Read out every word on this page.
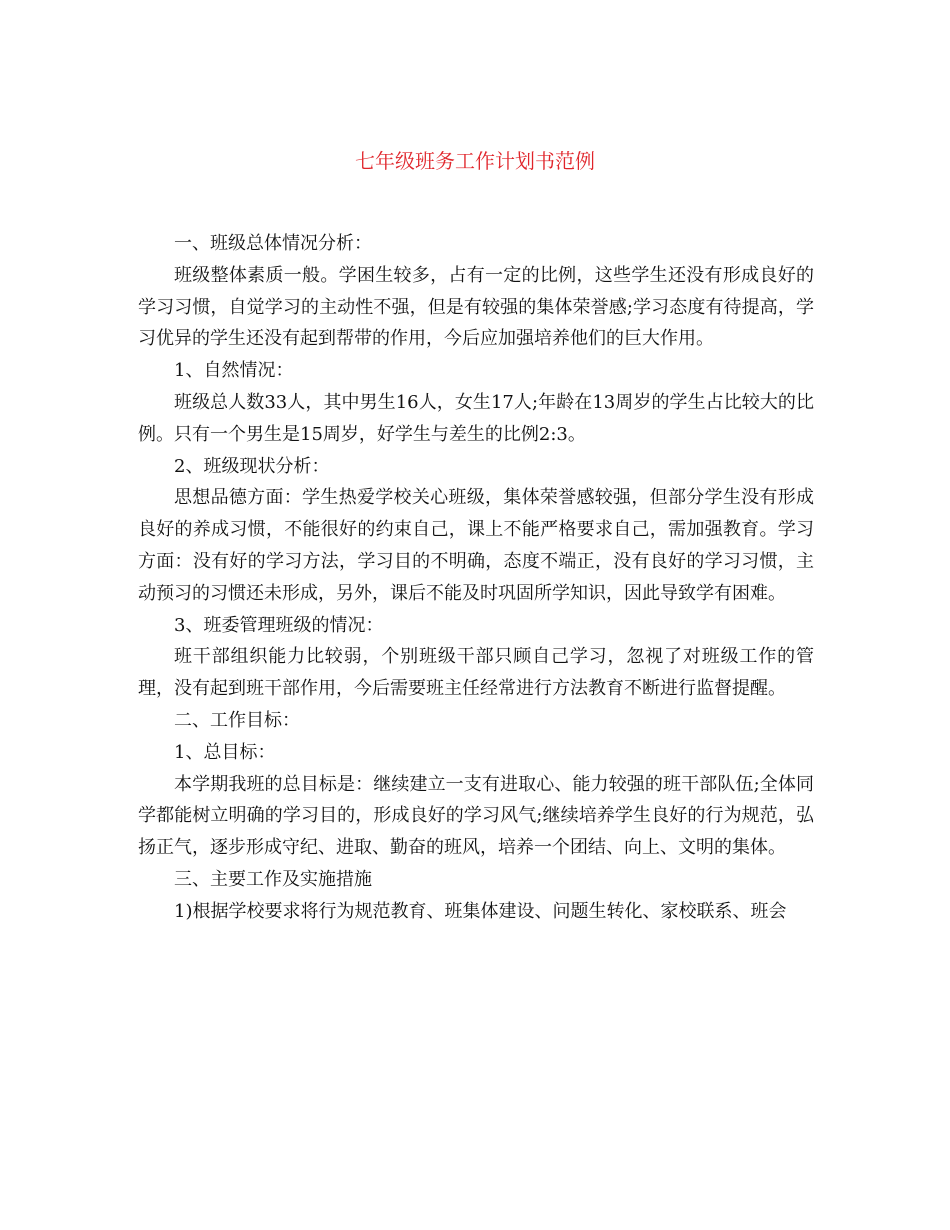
七年级班务工作计划书范例

一、班级总体情况分析：

班级整体素质一般。学困生较多，占有一定的比例，这些学生还没有形成良好的学习习惯，自觉学习的主动性不强，但是有较强的集体荣誉感;学习态度有待提高，学习优异的学生还没有起到帮带的作用，今后应加强培养他们的巨大作用。

1、自然情况：

班级总人数33人，其中男生16人，女生17人;年龄在13周岁的学生占比较大的比例。只有一个男生是15周岁，好学生与差生的比例2:3。

2、班级现状分析：

思想品德方面：学生热爱学校关心班级，集体荣誉感较强，但部分学生没有形成良好的养成习惯，不能很好的约束自己，课上不能严格要求自己，需加强教育。学习方面：没有好的学习方法，学习目的不明确，态度不端正，没有良好的学习习惯，主动预习的习惯还未形成，另外，课后不能及时巩固所学知识，因此导致学有困难。

3、班委管理班级的情况：

班干部组织能力比较弱，个别班级干部只顾自己学习，忽视了对班级工作的管理，没有起到班干部作用，今后需要班主任经常进行方法教育不断进行监督提醒。

二、工作目标：

1、总目标：

本学期我班的总目标是：继续建立一支有进取心、能力较强的班干部队伍;全体同学都能树立明确的学习目的，形成良好的学习风气;继续培养学生良好的行为规范，弘扬正气，逐步形成守纪、进取、勤奋的班风，培养一个团结、向上、文明的集体。

三、主要工作及实施措施

1)根据学校要求将行为规范教育、班集体建设、问题生转化、家校联系、班会
